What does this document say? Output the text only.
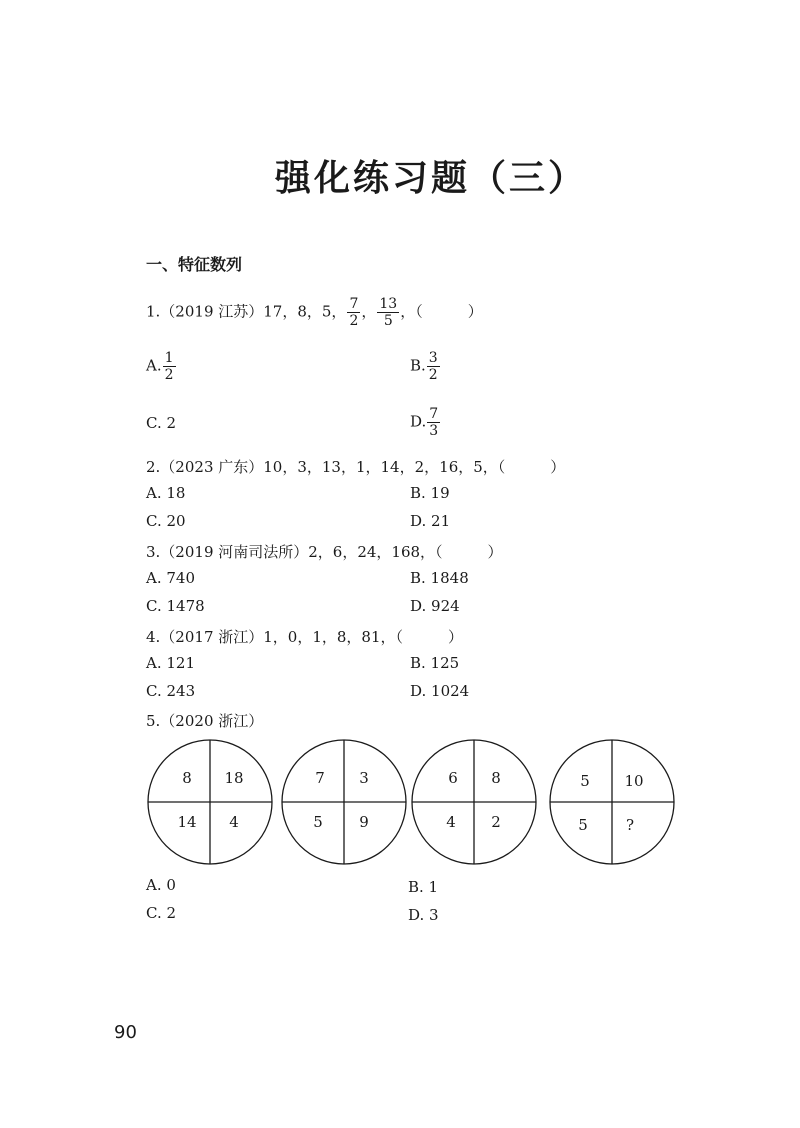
强化练习题（三）
一、特征数列
1.（2019 江苏）17，8，5， $\frac{7}{2}$ ， $\frac{13}{5}$ ，（　　　）
A. $\frac{1}{2}$	B. $\frac{3}{2}$
C. 2	D. $\frac{7}{3}$
2.（2023 广东）10，3，13，1，14，2，16，5，（　　　）
A. 18	B. 19
C. 20	D. 21
3.（2019 河南司法所）2，6，24，168，（　　　）
A. 740	B. 1848
C. 1478	D. 924
4.（2017 浙江）1，0，1，8，81，（　　　）
A. 121	B. 125
C. 243	D. 1024
5.（2020 浙江）
8 18
14 4
7 3
5 9
6 8
4 2
5 10
5	?
A. 0	B. 1
C. 2	D. 3
90
